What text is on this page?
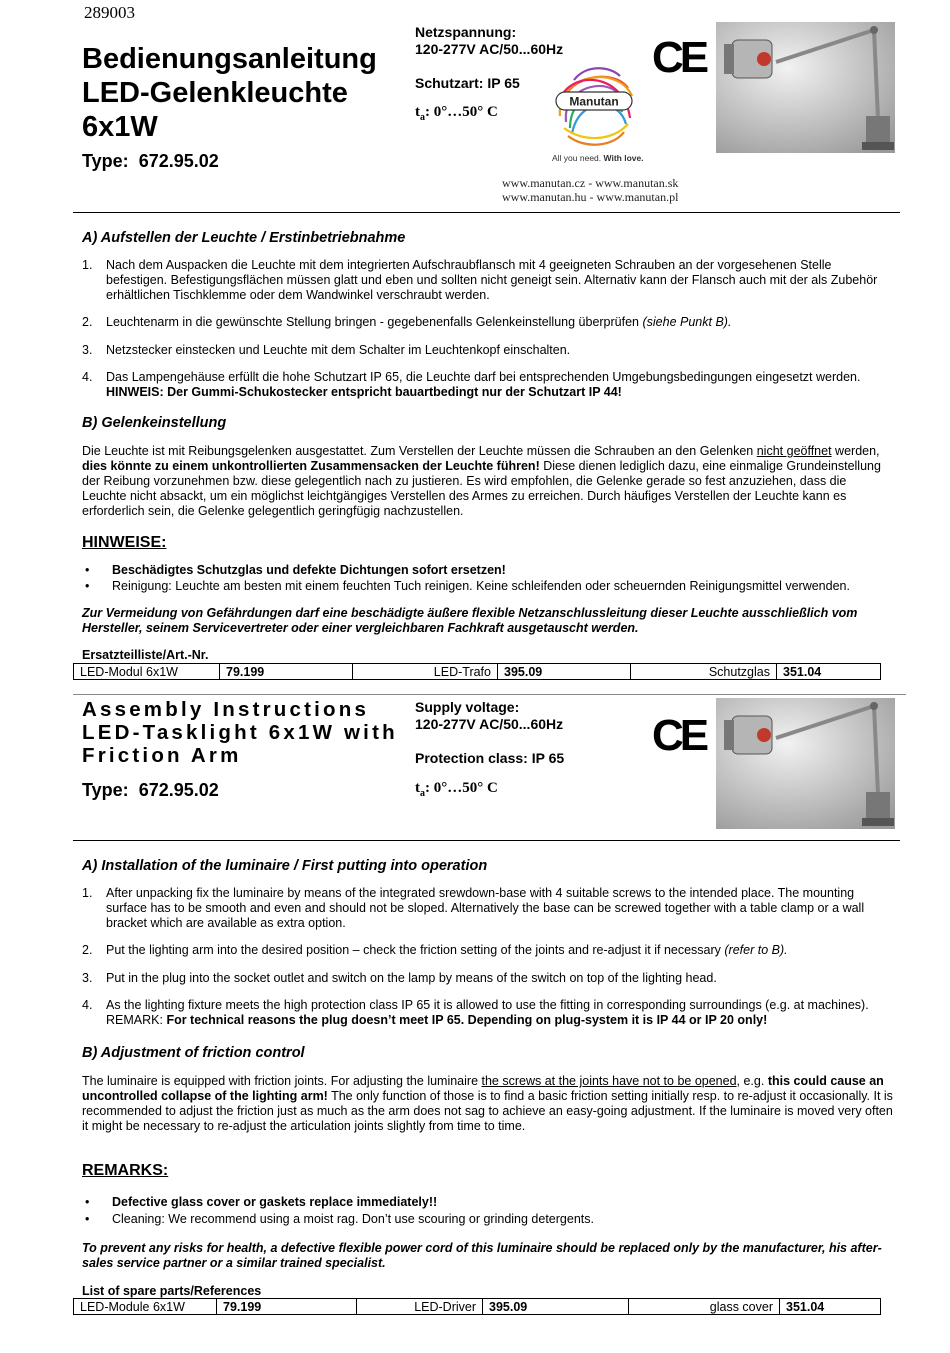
289003
Bedienungsanleitung
LED-Gelenkleuchte
6x1W
Type: 672.95.02
Netzspannung:
120-277V AC/50...60Hz
Schutzart: IP 65
$t_a$: 0°…50° C
Manutan
All you need. With love.
www.manutan.cz - www.manutan.sk
www.manutan.hu - www.manutan.pl
CE
A) Aufstellen der Leuchte / Erstinbetriebnahme
1. Nach dem Auspacken die Leuchte mit dem integrierten Aufschraubflansch mit 4 geeigneten Schrauben an der vorgesehenen Stelle befestigen. Befestigungsflächen müssen glatt und eben und sollten nicht geneigt sein. Alternativ kann der Flansch auch mit der als Zubehör erhältlichen Tischklemme oder dem Wandwinkel verschraubt werden.
2. Leuchtenarm in die gewünschte Stellung bringen - gegebenenfalls Gelenkeinstellung überprüfen (siehe Punkt B).
3. Netzstecker einstecken und Leuchte mit dem Schalter im Leuchtenkopf einschalten.
4. Das Lampengehäuse erfüllt die hohe Schutzart IP 65, die Leuchte darf bei entsprechenden Umgebungsbedingungen eingesetzt werden. HINWEIS: Der Gummi-Schukostecker entspricht bauartbedingt nur der Schutzart IP 44!
B) Gelenkeinstellung
Die Leuchte ist mit Reibungsgelenken ausgestattet. Zum Verstellen der Leuchte müssen die Schrauben an den Gelenken nicht geöffnet werden, dies könnte zu einem unkontrollierten Zusammensacken der Leuchte führen! Diese dienen lediglich dazu, eine einmalige Grundeinstellung der Reibung vorzunehmen bzw. diese gelegentlich nach zu justieren. Es wird empfohlen, die Gelenke gerade so fest anzuziehen, dass die Leuchte nicht absackt, um ein möglichst leichtgängiges Verstellen des Armes zu erreichen. Durch häufiges Verstellen der Leuchte kann es erforderlich sein, die Gelenke gelegentlich geringfügig nachzustellen.
HINWEISE:
• Beschädigtes Schutzglas und defekte Dichtungen sofort ersetzen!
• Reinigung: Leuchte am besten mit einem feuchten Tuch reinigen. Keine schleifenden oder scheuernden Reinigungsmittel verwenden.
Zur Vermeidung von Gefährdungen darf eine beschädigte äußere flexible Netzanschlussleitung dieser Leuchte ausschließlich vom Hersteller, seinem Servicevertreter oder einer vergleichbaren Fachkraft ausgetauscht werden.
Ersatzteilliste/Art.-Nr.
LED-Modul 6x1W	79.199	LED-Trafo	395.09	Schutzglas	351.04
Assembly Instructions
LED-Tasklight 6x1W with
Friction Arm
Type: 672.95.02
Supply voltage:
120-277V AC/50...60Hz
Protection class: IP 65
$t_a$: 0°…50° C
CE
A) Installation of the luminaire / First putting into operation
1. After unpacking fix the luminaire by means of the integrated srewdown-base with 4 suitable screws to the intended place. The mounting surface has to be smooth and even and should not be sloped. Alternatively the base can be screwed together with a table clamp or a wall bracket which are available as extra option.
2. Put the lighting arm into the desired position – check the friction setting of the joints and re-adjust it if necessary (refer to B).
3. Put in the plug into the socket outlet and switch on the lamp by means of the switch on top of the lighting head.
4. As the lighting fixture meets the high protection class IP 65 it is allowed to use the fitting in corresponding surroundings (e.g. at machines). REMARK: For technical reasons the plug doesn’t meet IP 65. Depending on plug-system it is IP 44 or IP 20 only!
B) Adjustment of friction control
The luminaire is equipped with friction joints. For adjusting the luminaire the screws at the joints have not to be opened, e.g. this could cause an uncontrolled collapse of the lighting arm! The only function of those is to find a basic friction setting initially resp. to re-adjust it occasionally. It is recommended to adjust the friction just as much as the arm does not sag to achieve an easy-going adjustment. If the luminaire is moved very often it might be necessary to re-adjust the articulation joints slightly from time to time.
REMARKS:
• Defective glass cover or gaskets replace immediately!!
• Cleaning: We recommend using a moist rag. Don’t use scouring or grinding detergents.
To prevent any risks for health, a defective flexible power cord of this luminaire should be replaced only by the manufacturer, his after-sales service partner or a similar trained specialist.
List of spare parts/References
LED-Module 6x1W	79.199	LED-Driver	395.09	glass cover	351.04
